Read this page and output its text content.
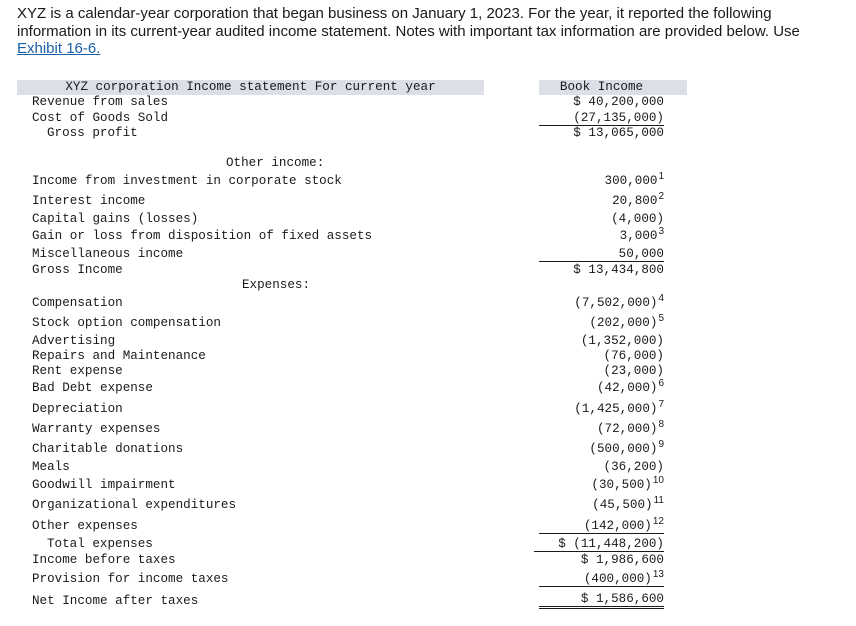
XYZ is a calendar-year corporation that began business on January 1, 2023. For the year, it reported the following information in its current-year audited income statement. Notes with important tax information are provided below. Use Exhibit 16-6.
XYZ corporation Income statement For current year	Book Income
Other income:
Expenses:
Revenue from sales
Cost of Goods Sold
Gross profit
Income from investment in corporate stock
Interest income
Capital gains (losses)
Gain or loss from disposition of fixed assets
Miscellaneous income
Gross Income
Compensation
Stock option compensation
Advertising
Repairs and Maintenance
Rent expense
Bad Debt expense
Depreciation
Warranty expenses
Charitable donations
Meals
Goodwill impairment
Organizational expenditures
Other expenses
Total expenses
Income before taxes
Provision for income taxes
Net Income after taxes
$ 40,200,000
(27,135,000)
$ 13,065,000
300,000$^1$
20,800$^2$
(4,000)
3,000$^3$
50,000
$ 13,434,800
$(7,502,000)^4$
$(202,000)^5$
(1,352,000)
(76,000)
(23,000)
$(42,000)^6$
$(1,425,000)^7$
$(72,000)^8$
$(500,000)^9$
(36,200)
$(30,500)^{10}$
$(45,500)^{11}$
$(142,000)^{12}$
$ (11,448,200)
$ 1,986,600
$(400,000)^{13}$
$ 1,586,600
